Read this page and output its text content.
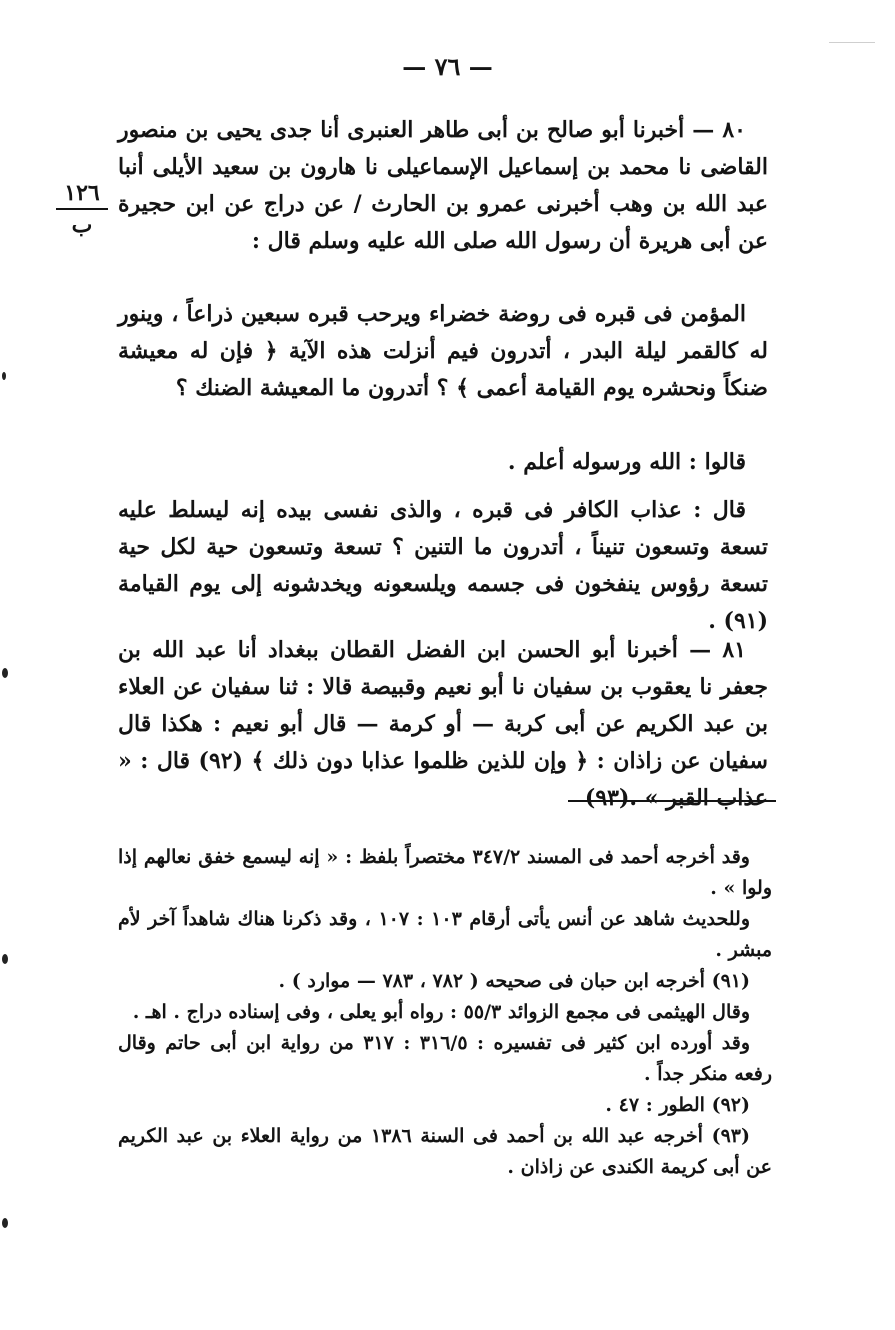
— ٧٦ —
١٢٦
ب

٨٠ — أخبرنا أبو صالح بن أبى طاهر العنبرى أنا جدى يحيى بن منصور القاضى نا محمد بن إسماعيل الإسماعيلى نا هارون بن سعيد الأيلى أنبا عبد الله بن وهب أخبرنى عمرو بن الحارث / عن دراج عن ابن حجيرة عن أبى هريرة أن رسول الله صلى الله عليه وسلم قال :

المؤمن فى قبره فى روضة خضراء ويرحب قبره سبعين ذراعاً ، وينور له كالقمر ليلة البدر ، أتدرون فيم أنزلت هذه الآية ﴿ فإن له معيشة ضنكاً ونحشره يوم القيامة أعمى ﴾ ؟ أتدرون ما المعيشة الضنك ؟

قالوا : الله ورسوله أعلم .

قال : عذاب الكافر فى قبره ، والذى نفسى بيده إنه ليسلط عليه تسعة وتسعون تنيناً ، أتدرون ما التنين ؟ تسعة وتسعون حية لكل حية تسعة رؤوس ينفخون فى جسمه ويلسعونه ويخدشونه إلى يوم القيامة (٩١) .

٨١ — أخبرنا أبو الحسن ابن الفضل القطان ببغداد أنا عبد الله بن جعفر نا يعقوب بن سفيان نا أبو نعيم وقبيصة قالا : ثنا سفيان عن العلاء بن عبد الكريم عن أبى كربة — أو كرمة — قال أبو نعيم : هكذا قال سفيان عن زاذان : ﴿ وإن للذين ظلموا عذابا دون ذلك ﴾ (٩٢) قال : « عذاب القبر » .(٩٣)

وقد أخرجه أحمد فى المسند ٣٤٧/٢ مختصراً بلفظ : « إنه ليسمع خفق نعالهم إذا ولوا » .

وللحديث شاهد عن أنس يأتى أرقام ١٠٣ : ١٠٧ ، وقد ذكرنا هناك شاهداً آخر لأم مبشر .

(٩١) أخرجه ابن حبان فى صحيحه ( ٧٨٢ ، ٧٨٣ — موارد ) .

وقال الهيثمى فى مجمع الزوائد ٥٥/٣ : رواه أبو يعلى ، وفى إسناده دراج . اهـ .

وقد أورده ابن كثير فى تفسيره : ٣١٦/٥ : ٣١٧ من رواية ابن أبى حاتم وقال رفعه منكر جداً .

(٩٢) الطور : ٤٧ .

(٩٣) أخرجه عبد الله بن أحمد فى السنة ١٣٨٦ من رواية العلاء بن عبد الكريم عن أبى كريمة الكندى عن زاذان .
